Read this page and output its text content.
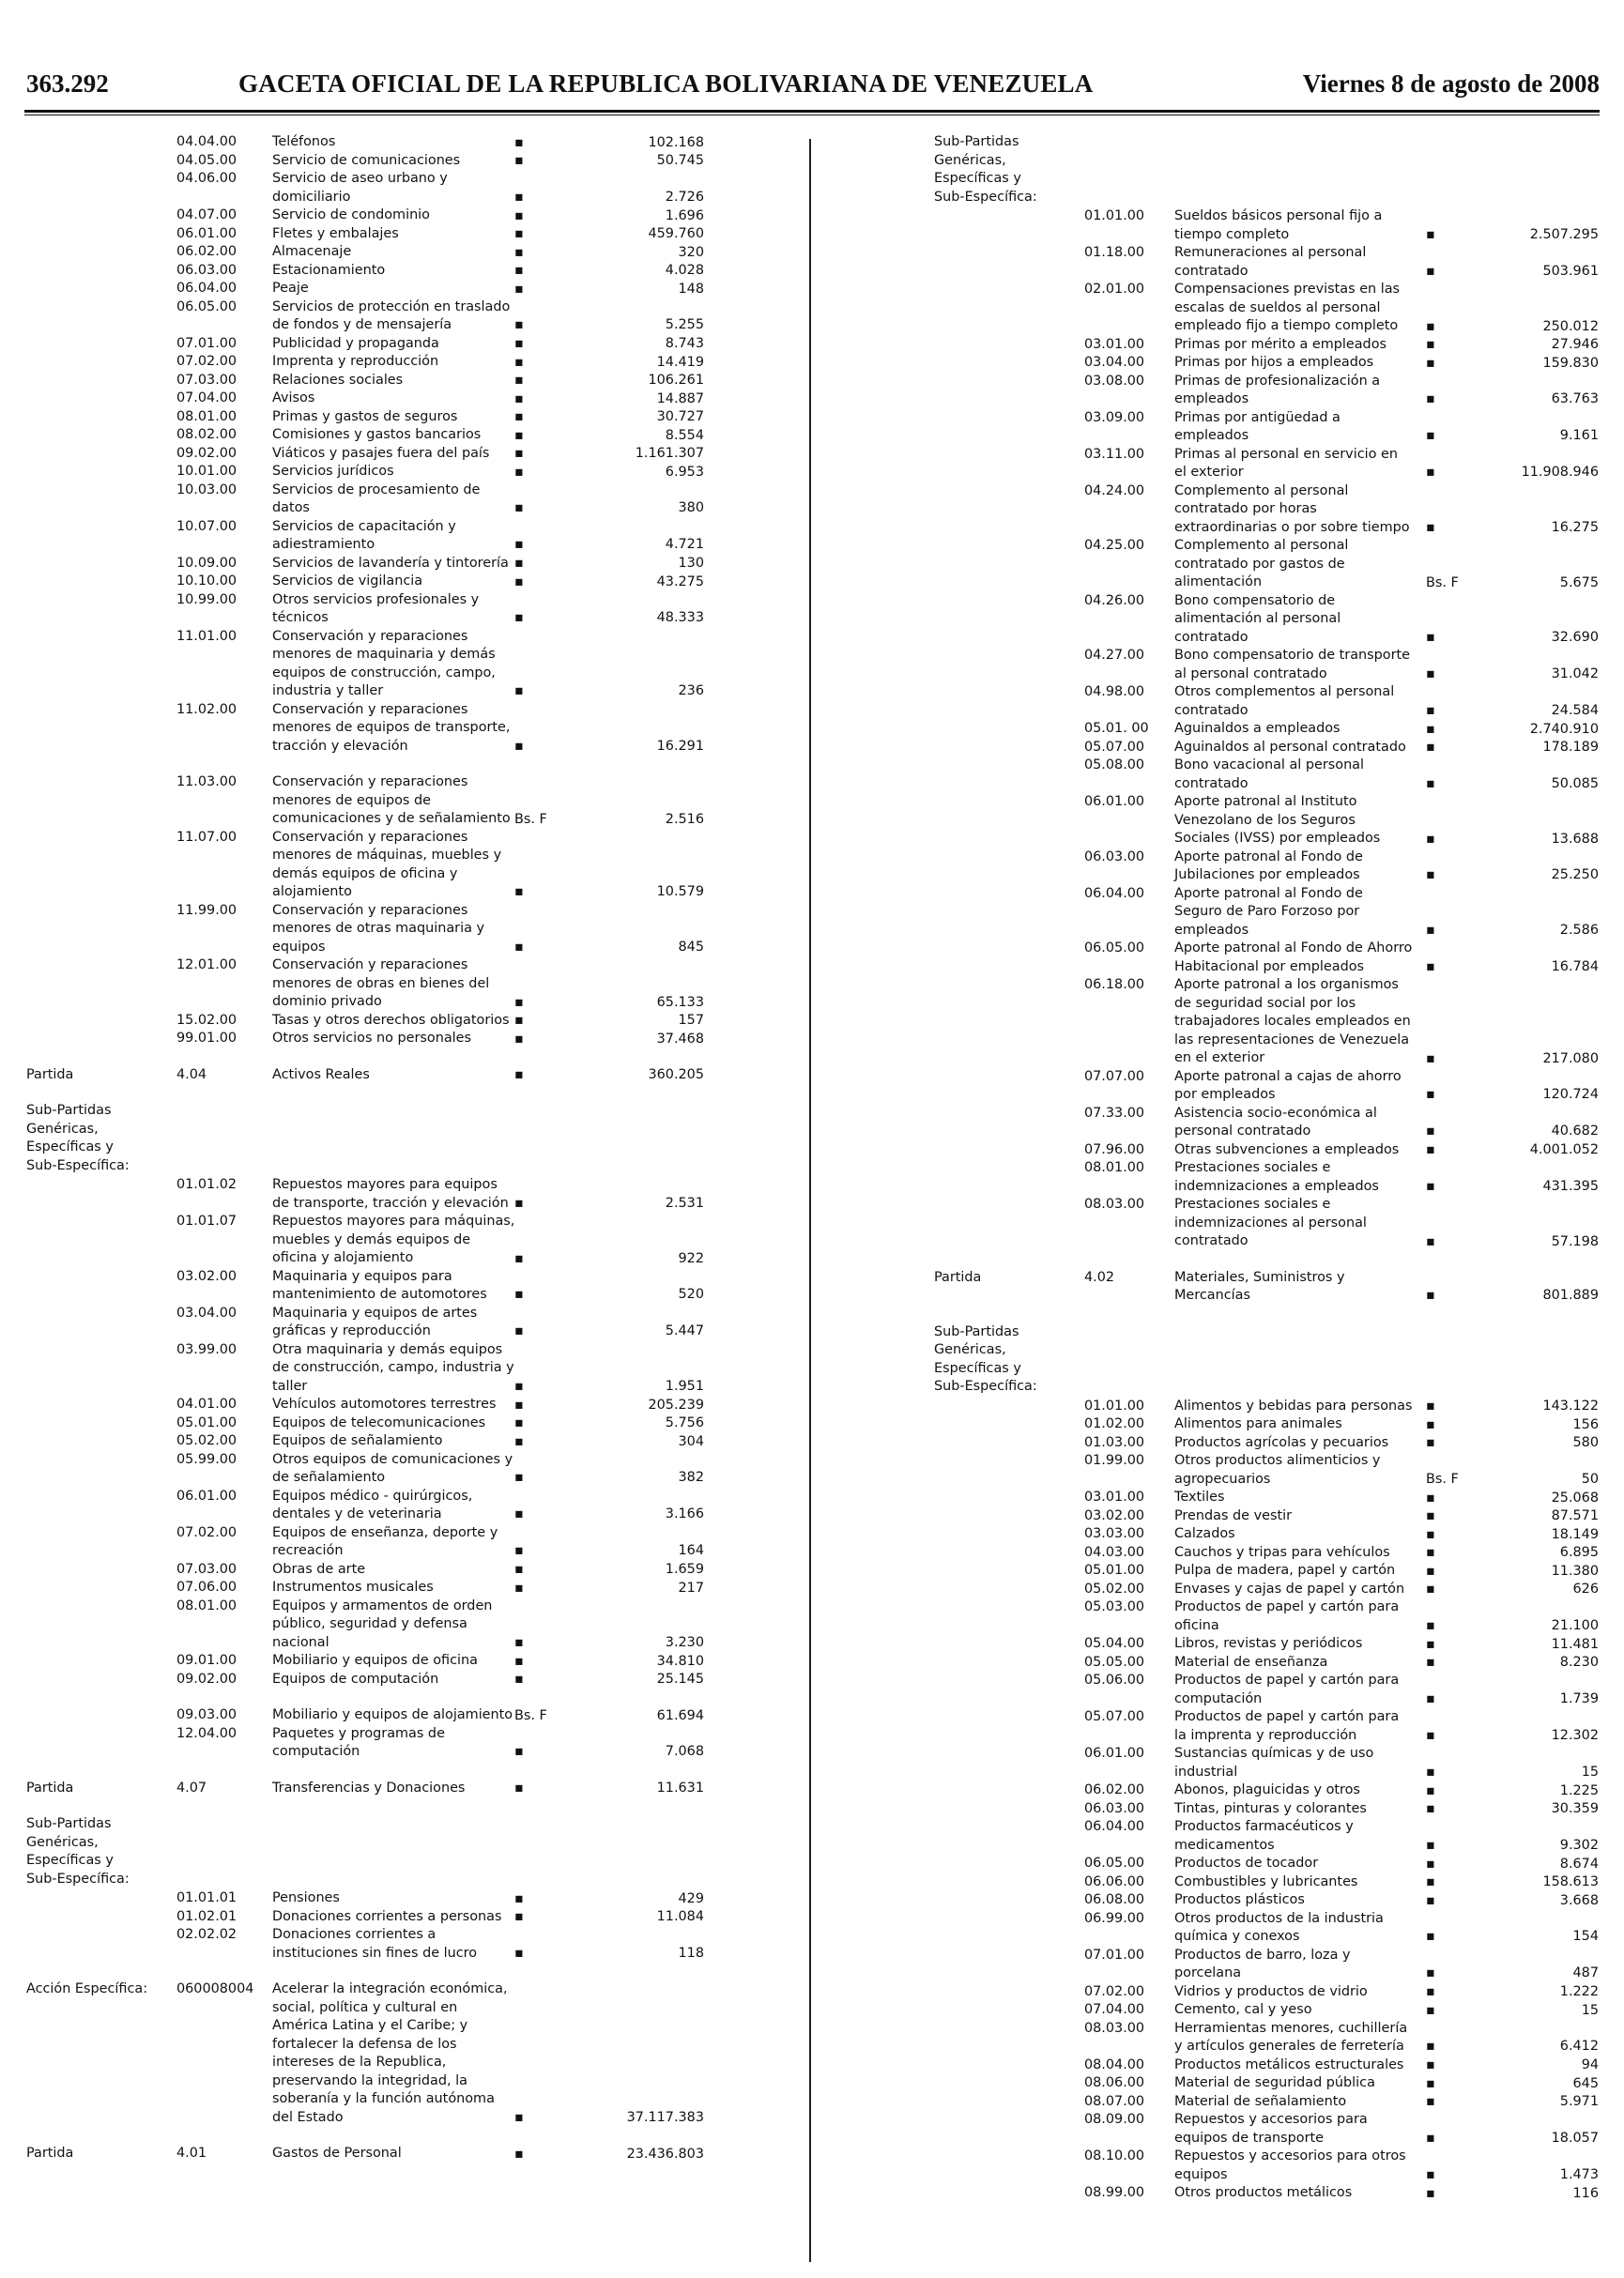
363.292	GACETA OFICIAL DE LA REPUBLICA BOLIVARIANA DE VENEZUELA	Viernes 8 de agosto de 2008
04.04.00	Teléfonos	▪	102.168
04.05.00	Servicio de comunicaciones	▪	50.745
04.06.00	Servicio de aseo urbano y domiciliario	▪	2.726
04.07.00	Servicio de condominio	▪	1.696
06.01.00	Fletes y embalajes	▪	459.760
06.02.00	Almacenaje	▪	320
06.03.00	Estacionamiento	▪	4.028
06.04.00	Peaje	▪	148
06.05.00	Servicios de protección en traslado de fondos y de mensajería	▪	5.255
07.01.00	Publicidad y propaganda	▪	8.743
07.02.00	Imprenta y reproducción	▪	14.419
07.03.00	Relaciones sociales	▪	106.261
07.04.00	Avisos	▪	14.887
08.01.00	Primas y gastos de seguros	▪	30.727
08.02.00	Comisiones y gastos bancarios	▪	8.554
09.02.00	Viáticos y pasajes fuera del país	▪	1.161.307
10.01.00	Servicios jurídicos	▪	6.953
10.03.00	Servicios de procesamiento de datos	▪	380
10.07.00	Servicios de capacitación y adiestramiento	▪	4.721
10.09.00	Servicios de lavandería y tintorería ▪	130
10.10.00	Servicios de vigilancia	▪	43.275
10.99.00	Otros servicios profesionales y técnicos	▪	48.333
11.01.00	Conservación y reparaciones menores de maquinaria y demás equipos de construcción, campo, industria y taller	▪	236
11.02.00	Conservación y reparaciones menores de equipos de transporte, tracción y elevación	▪	16.291
11.03.00	Conservación y reparaciones menores de equipos de comunicaciones y de señalamiento Bs. F	2.516
11.07.00	Conservación y reparaciones menores de máquinas, muebles y demás equipos de oficina y alojamiento	▪	10.579
11.99.00	Conservación y reparaciones menores de otras maquinaria y equipos	▪	845
12.01.00	Conservación y reparaciones menores de obras en bienes del dominio privado	▪	65.133
15.02.00	Tasas y otros derechos obligatorios ▪	157
99.01.00	Otros servicios no personales	▪	37.468
Partida	4.04	Activos Reales	▪	360.205
Sub-Partidas Genéricas, Específicas y Sub-Específica:

01.01.02	Repuestos mayores para equipos de transporte, tracción y elevación ▪	2.531
01.01.07	Repuestos mayores para máquinas, muebles y demás equipos de oficina y alojamiento	▪	922
03.02.00	Maquinaria y equipos para mantenimiento de automotores	▪	520
03.04.00	Maquinaria y equipos de artes gráficas y reproducción	▪	5.447
03.99.00	Otra maquinaria y demás equipos de construcción, campo, industria y taller	▪	1.951
04.01.00	Vehículos automotores terrestres	▪	205.239
05.01.00	Equipos de telecomunicaciones	▪	5.756
05.02.00	Equipos de señalamiento	▪	304
05.99.00	Otros equipos de comunicaciones y de señalamiento	▪	382
06.01.00	Equipos médico - quirúrgicos, dentales y de veterinaria	▪	3.166
07.02.00	Equipos de enseñanza, deporte y recreación	▪	164
07.03.00	Obras de arte	▪	1.659
07.06.00	Instrumentos musicales	▪	217
08.01.00	Equipos y armamentos de orden público, seguridad y defensa nacional	▪	3.230
09.01.00	Mobiliario y equipos de oficina	▪	34.810
09.02.00	Equipos de computación	▪	25.145
09.03.00	Mobiliario y equipos de alojamiento Bs. F	61.694
12.04.00	Paquetes y programas de computación	▪	7.068
Partida	4.07	Transferencias y Donaciones	▪	11.631
Sub-Partidas Genéricas, Específicas y Sub-Específica:

01.01.01	Pensiones	▪	429
01.02.01	Donaciones corrientes a personas ▪	11.084
02.02.02	Donaciones corrientes a instituciones sin fines de lucro	▪	118
Acción Específica: 060008004	Acelerar la integración económica, social, política y cultural en América Latina y el Caribe; y fortalecer la defensa de los intereses de la Republica, preservando la integridad, la soberanía y la función autónoma del Estado	▪	37.117.383
Partida	4.01	Gastos de Personal	▪	23.436.803
Sub-Partidas Genéricas, Específicas y Sub-Específica:

01.01.00	Sueldos básicos personal fijo a tiempo completo	▪	2.507.295
01.18.00	Remuneraciones al personal contratado	▪	503.961
02.01.00	Compensaciones previstas en las escalas de sueldos al personal empleado fijo a tiempo completo	▪	250.012
03.01.00	Primas por mérito a empleados	▪	27.946
03.04.00	Primas por hijos a empleados	▪	159.830
03.08.00	Primas de profesionalización a empleados	▪	63.763
03.09.00	Primas por antigüedad a empleados	▪	9.161
03.11.00	Primas al personal en servicio en el exterior	▪	11.908.946
04.24.00	Complemento al personal contratado por horas extraordinarias o por sobre tiempo	▪	16.275
04.25.00	Complemento al personal contratado por gastos de alimentación	Bs. F	5.675
04.26.00	Bono compensatorio de alimentación al personal contratado	▪	32.690
04.27.00	Bono compensatorio de transporte al personal contratado	▪	31.042
04.98.00	Otros complementos al personal contratado	▪	24.584
05.01. 00	Aguinaldos a empleados	▪	2.740.910
05.07.00	Aguinaldos al personal contratado	▪	178.189
05.08.00	Bono vacacional al personal contratado	▪	50.085
06.01.00	Aporte patronal al Instituto Venezolano de los Seguros Sociales (IVSS) por empleados	▪	13.688
06.03.00	Aporte patronal al Fondo de Jubilaciones por empleados	▪	25.250
06.04.00	Aporte patronal al Fondo de Seguro de Paro Forzoso por empleados	▪	2.586
06.05.00	Aporte patronal al Fondo de Ahorro Habitacional por empleados	▪	16.784
06.18.00	Aporte patronal a los organismos de seguridad social por los trabajadores locales empleados en las representaciones de Venezuela en el exterior	▪	217.080
07.07.00	Aporte patronal a cajas de ahorro por empleados	▪	120.724
07.33.00	Asistencia socio-económica al personal contratado	▪	40.682
07.96.00	Otras subvenciones a empleados	▪	4.001.052
08.01.00	Prestaciones sociales e indemnizaciones a empleados	▪	431.395
08.03.00	Prestaciones sociales e indemnizaciones al personal contratado	▪	57.198
Partida	4.02	Materiales, Suministros y Mercancías	▪	801.889
Sub-Partidas Genéricas, Específicas y Sub-Específica:

01.01.00	Alimentos y bebidas para personas ▪	143.122
01.02.00	Alimentos para animales	▪	156
01.03.00	Productos agrícolas y pecuarios	▪	580
01.99.00	Otros productos alimenticios y agropecuarios	Bs. F	50
03.01.00	Textiles	▪	25.068
03.02.00	Prendas de vestir	▪	87.571
03.03.00	Calzados	▪	18.149
04.03.00	Cauchos y tripas para vehículos	▪	6.895
05.01.00	Pulpa de madera, papel y cartón	▪	11.380
05.02.00	Envases y cajas de papel y cartón	▪	626
05.03.00	Productos de papel y cartón para oficina	▪	21.100
05.04.00	Libros, revistas y periódicos	▪	11.481
05.05.00	Material de enseñanza	▪	8.230
05.06.00	Productos de papel y cartón para computación	▪	1.739
05.07.00	Productos de papel y cartón para la imprenta y reproducción	▪	12.302
06.01.00	Sustancias químicas y de uso industrial	▪	15
06.02.00	Abonos, plaguicidas y otros	▪	1.225
06.03.00	Tintas, pinturas y colorantes	▪	30.359
06.04.00	Productos farmacéuticos y medicamentos	▪	9.302
06.05.00	Productos de tocador	▪	8.674
06.06.00	Combustibles y lubricantes	▪	158.613
06.08.00	Productos plásticos	▪	3.668
06.99.00	Otros productos de la industria química y conexos	▪	154
07.01.00	Productos de barro, loza y porcelana	▪	487
07.02.00	Vidrios y productos de vidrio	▪	1.222
07.04.00	Cemento, cal y yeso	▪	15
08.03.00	Herramientas menores, cuchillería y artículos generales de ferretería	▪	6.412
08.04.00	Productos metálicos estructurales	▪	94
08.06.00	Material de seguridad pública	▪	645
08.07.00	Material de señalamiento	▪	5.971
08.09.00	Repuestos y accesorios para equipos de transporte	▪	18.057
08.10.00	Repuestos y accesorios para otros equipos	▪	1.473
08.99.00	Otros productos metálicos	▪	116
